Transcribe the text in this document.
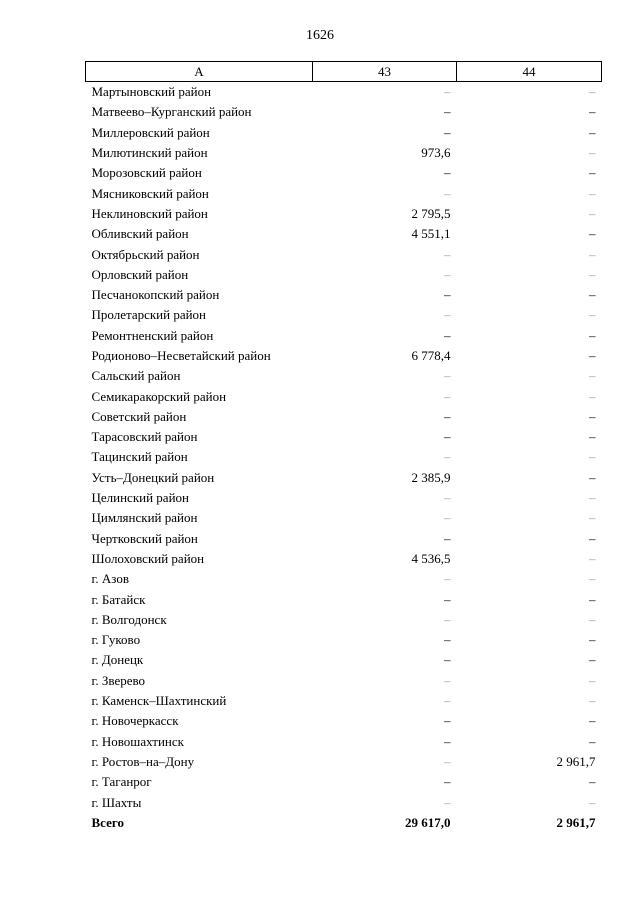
1626
А	43	44
Мартыновский район	–	–
Матвеево–Курганский район	–	–
Миллеровский район	–	–
Милютинский район	973,6	–
Морозовский район	–	–
Мясниковский район	–	–
Неклиновский район	2 795,5	–
Обливский район	4 551,1	–
Октябрьский район	–	–
Орловский район	–	–
Песчанокопский район	–	–
Пролетарский район	–	–
Ремонтненский район	–	–
Родионово–Несветайский район	6 778,4	–
Сальский район	–	–
Семикаракорский район	–	–
Советский район	–	–
Тарасовский район	–	–
Тацинский район	–	–
Усть–Донецкий район	2 385,9	–
Целинский район	–	–
Цимлянский район	–	–
Чертковский район	–	–
Шолоховский район	4 536,5	–
г. Азов	–	–
г. Батайск	–	–
г. Волгодонск	–	–
г. Гуково	–	–
г. Донецк	–	–
г. Зверево	–	–
г. Каменск–Шахтинский	–	–
г. Новочеркасск	–	–
г. Новошахтинск	–	–
г. Ростов–на–Дону	–	2 961,7
г. Таганрог	–	–
г. Шахты	–	–
Всего	29 617,0	2 961,7
